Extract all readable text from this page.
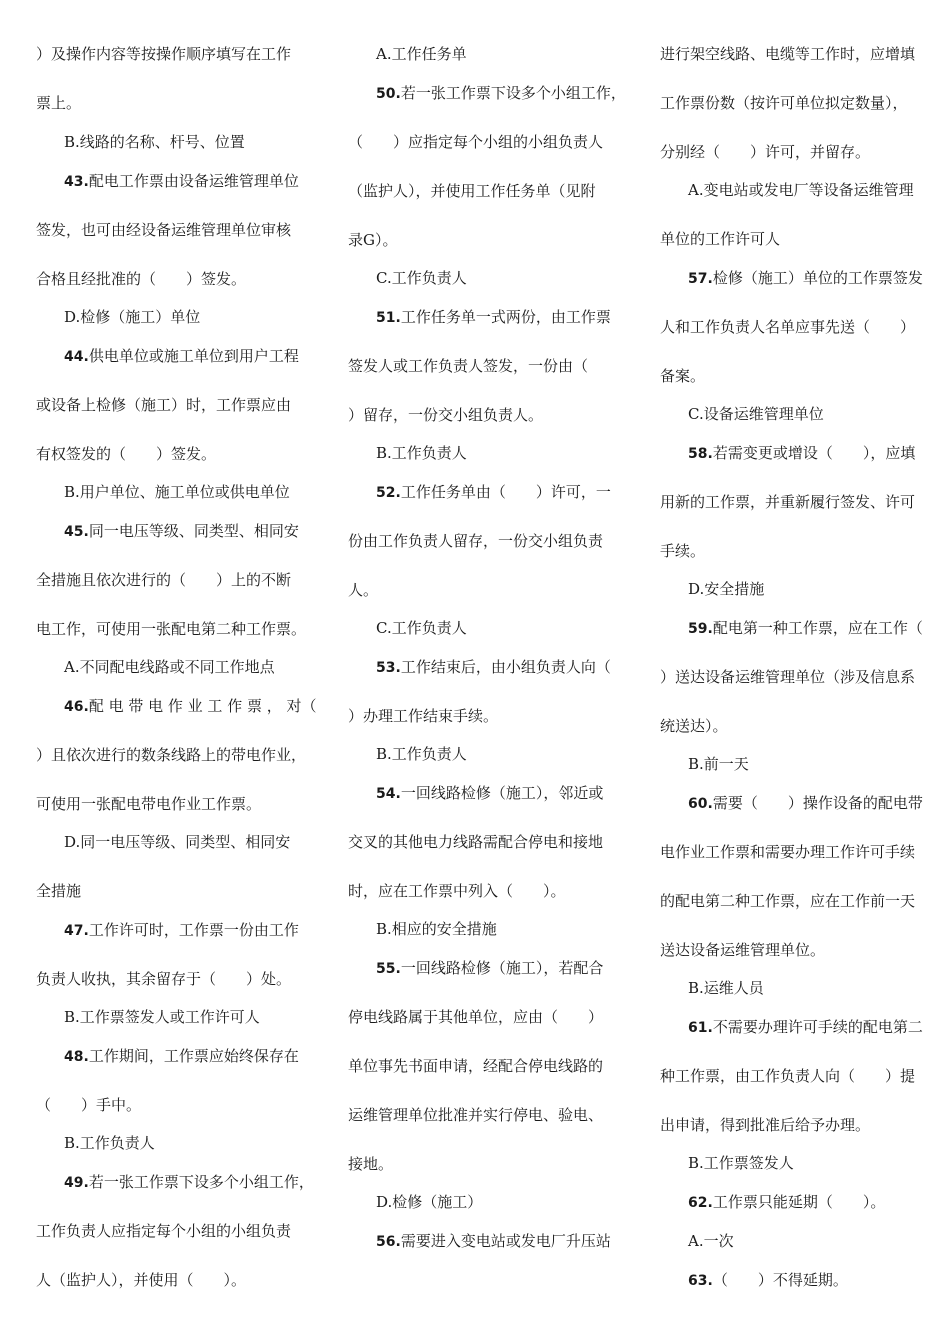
）及操作内容等按操作顺序填写在工作
票上。
B.线路的名称、杆号、位置
43.配电工作票由设备运维管理单位
签发，也可由经设备运维管理单位审核
合格且经批准的（　　）签发。
D.检修（施工）单位
44.供电单位或施工单位到用户工程
或设备上检修（施工）时，工作票应由
有权签发的（　　）签发。
B.用户单位、施工单位或供电单位
45.同一电压等级、同类型、相同安
全措施且依次进行的（　　）上的不断
电工作，可使用一张配电第二种工作票。
A.不同配电线路或不同工作地点
46.配 电 带 电 作 业 工 作 票 ， 对（
）且依次进行的数条线路上的带电作业，
可使用一张配电带电作业工作票。
D.同一电压等级、同类型、相同安
全措施
47.工作许可时，工作票一份由工作
负责人收执，其余留存于（　　）处。
B.工作票签发人或工作许可人
48.工作期间，工作票应始终保存在
（　　）手中。
B.工作负责人
49.若一张工作票下设多个小组工作，
工作负责人应指定每个小组的小组负责
人（监护人），并使用（　　）。
A.工作任务单
50.若一张工作票下设多个小组工作，
（　　）应指定每个小组的小组负责人
（监护人），并使用工作任务单（见附
录G）。
C.工作负责人
51.工作任务单一式两份，由工作票
签发人或工作负责人签发，一份由（
）留存，一份交小组负责人。
B.工作负责人
52.工作任务单由（　　）许可，一
份由工作负责人留存，一份交小组负责
人。
C.工作负责人
53.工作结束后，由小组负责人向（
）办理工作结束手续。
B.工作负责人
54.一回线路检修（施工），邻近或
交叉的其他电力线路需配合停电和接地
时，应在工作票中列入（　　）。
B.相应的安全措施
55.一回线路检修（施工），若配合
停电线路属于其他单位，应由（　　）
单位事先书面申请，经配合停电线路的
运维管理单位批准并实行停电、验电、
接地。
D.检修（施工）
56.需要进入变电站或发电厂升压站
进行架空线路、电缆等工作时，应增填
工作票份数（按许可单位拟定数量），
分别经（　　）许可，并留存。
A.变电站或发电厂等设备运维管理
单位的工作许可人
57.检修（施工）单位的工作票签发
人和工作负责人名单应事先送（　　）
备案。
C.设备运维管理单位
58.若需变更或增设（　　），应填
用新的工作票，并重新履行签发、许可
手续。
D.安全措施
59.配电第一种工作票，应在工作（
）送达设备运维管理单位（涉及信息系
统送达）。
B.前一天
60.需要（　　）操作设备的配电带
电作业工作票和需要办理工作许可手续
的配电第二种工作票，应在工作前一天
送达设备运维管理单位。
B.运维人员
61.不需要办理许可手续的配电第二
种工作票，由工作负责人向（　　）提
出申请，得到批准后给予办理。
B.工作票签发人
62.工作票只能延期（　　）。
A.一次
63.（　　）不得延期。
